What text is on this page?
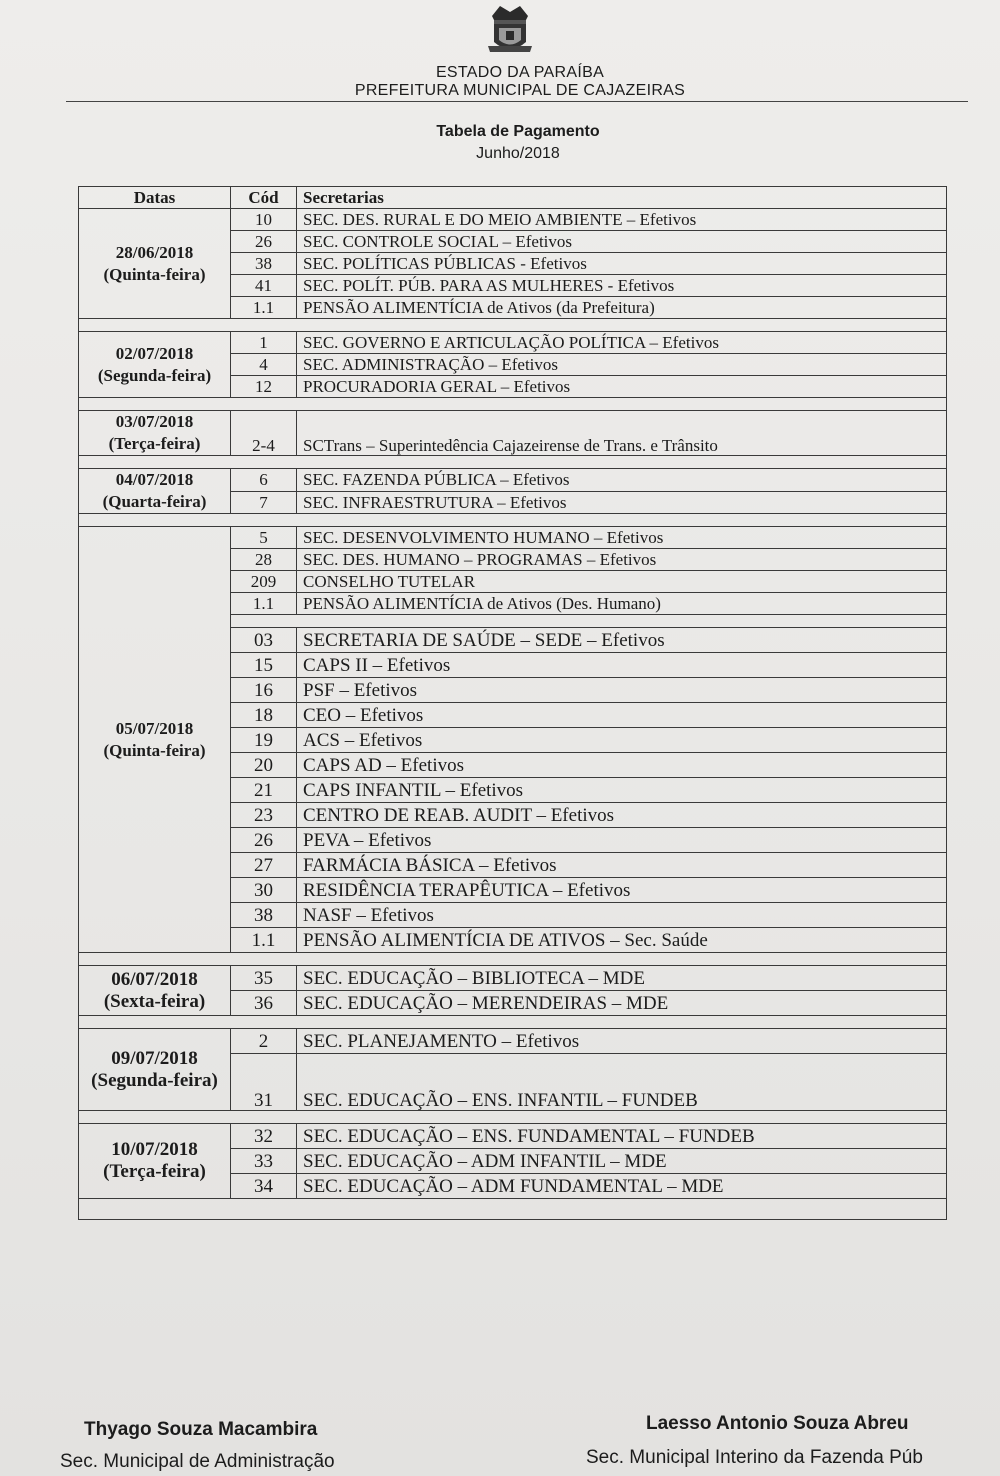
ESTADO DA PARAÍBA
PREFEITURA MUNICIPAL DE CAJAZEIRAS
Tabela de Pagamento
Junho/2018
Datas	Cód	Secretarias
28/06/2018
(Quinta-feira)	10	SEC. DES. RURAL E DO MEIO AMBIENTE – Efetivos
	26	SEC. CONTROLE SOCIAL – Efetivos
	38	SEC. POLÍTICAS PÚBLICAS - Efetivos
	41	SEC. POLÍT. PÚB. PARA AS MULHERES - Efetivos
	1.1	PENSÃO ALIMENTÍCIA de Ativos (da Prefeitura)

02/07/2018
(Segunda-feira)	1	SEC. GOVERNO E ARTICULAÇÃO POLÍTICA – Efetivos
	4	SEC. ADMINISTRAÇÃO – Efetivos
	12	PROCURADORIA GERAL – Efetivos

03/07/2018
(Terça-feira)	2-4	SCTrans – Superintedência Cajazeirense de Trans. e Trânsito

04/07/2018
(Quarta-feira)	6	SEC. FAZENDA PÚBLICA – Efetivos
	7	SEC. INFRAESTRUTURA – Efetivos

05/07/2018
(Quinta-feira)	5	SEC. DESENVOLVIMENTO HUMANO – Efetivos
	28	SEC. DES. HUMANO – PROGRAMAS – Efetivos
	209	CONSELHO TUTELAR
	1.1	PENSÃO ALIMENTÍCIA de Ativos (Des. Humano)

	03	SECRETARIA DE SAÚDE – SEDE – Efetivos
	15	CAPS II – Efetivos
	16	PSF – Efetivos
	18	CEO – Efetivos
	19	ACS – Efetivos
	20	CAPS AD – Efetivos
	21	CAPS INFANTIL – Efetivos
	23	CENTRO DE REAB. AUDIT – Efetivos
	26	PEVA – Efetivos
	27	FARMÁCIA BÁSICA – Efetivos
	30	RESIDÊNCIA TERAPÊUTICA – Efetivos
	38	NASF – Efetivos
	1.1	PENSÃO ALIMENTÍCIA DE ATIVOS – Sec. Saúde

06/07/2018
(Sexta-feira)	35	SEC. EDUCAÇÃO – BIBLIOTECA – MDE
	36	SEC. EDUCAÇÃO – MERENDEIRAS – MDE

09/07/2018
(Segunda-feira)	2	SEC. PLANEJAMENTO – Efetivos
	31	SEC. EDUCAÇÃO – ENS. INFANTIL – FUNDEB

10/07/2018
(Terça-feira)	32	SEC. EDUCAÇÃO – ENS. FUNDAMENTAL – FUNDEB
	33	SEC. EDUCAÇÃO – ADM INFANTIL – MDE
	34	SEC. EDUCAÇÃO – ADM FUNDAMENTAL – MDE

Thyago Souza Macambira
Sec. Municipal de Administração
Laesso Antonio Souza Abreu
Sec. Municipal Interino da Fazenda Púb
